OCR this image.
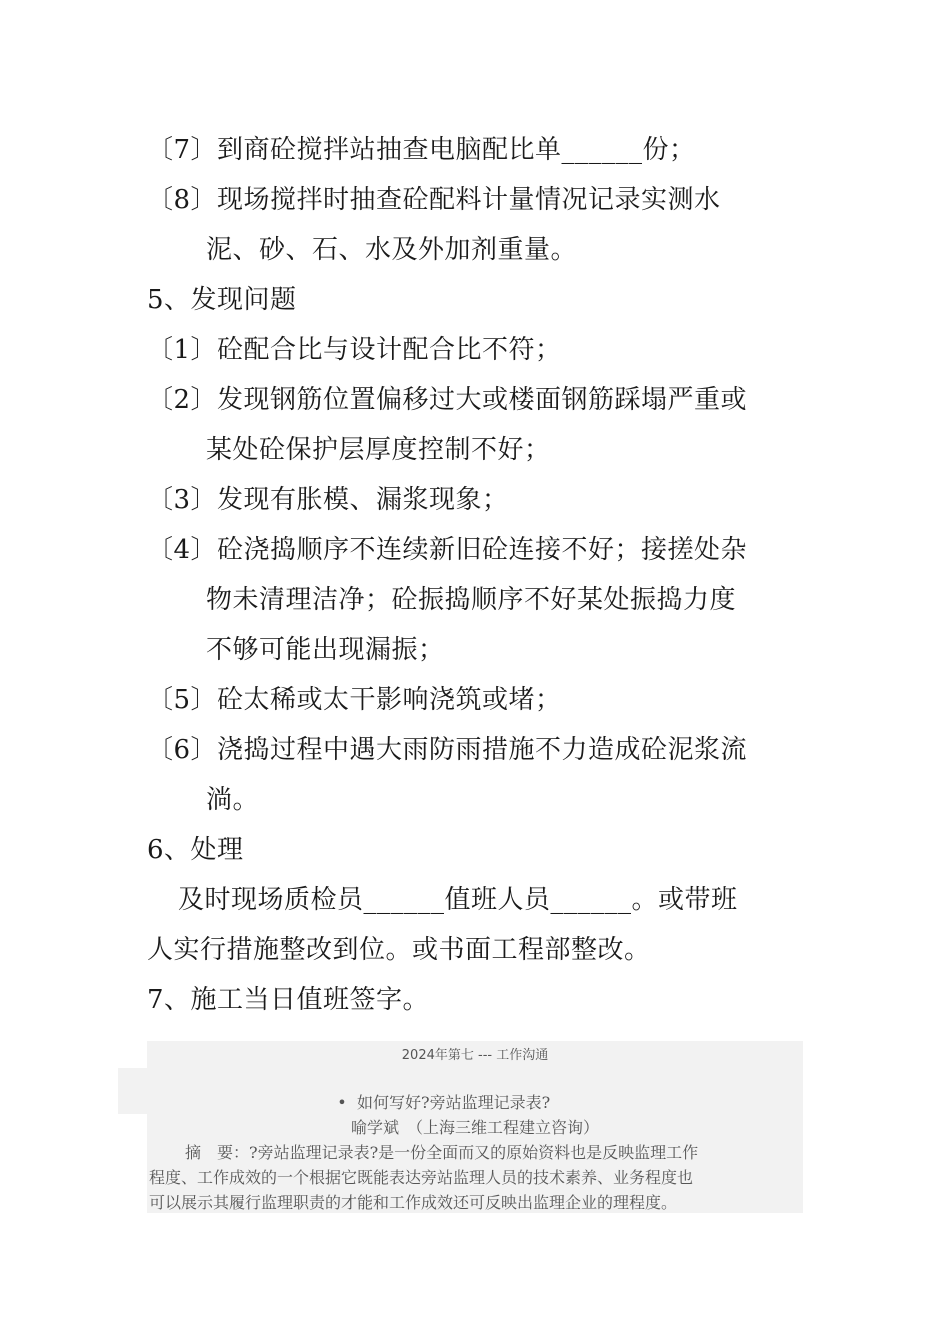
〔7〕到商砼搅拌站抽查电脑配比单______份；
〔8〕现场搅拌时抽查砼配料计量情况记录实测水
泥、砂、石、水及外加剂重量。
5、发现问题
〔1〕砼配合比与设计配合比不符；
〔2〕发现钢筋位置偏移过大或楼面钢筋踩塌严重或
某处砼保护层厚度控制不好；
〔3〕发现有胀模、漏浆现象；
〔4〕砼浇捣顺序不连续新旧砼连接不好；接搓处杂
物未清理洁净；砼振捣顺序不好某处振捣力度
不够可能出现漏振；
〔5〕砼太稀或太干影响浇筑或堵；
〔6〕浇捣过程中遇大雨防雨措施不力造成砼泥浆流
淌。
6、处理
及时现场质检员______值班人员______。或带班
人实行措施整改到位。或书面工程部整改。
7、施工当日值班签字。
2024年第七 --- 工作沟通
• 如何写好?旁站监理记录表?
喻学斌　（上海三维工程建立咨询）
摘　要：?旁站监理记录表?是一份全面而又的原始资料也是反映监理工作
程度、工作成效的一个根据它既能表达旁站监理人员的技术素养、业务程度也
可以展示其履行监理职责的才能和工作成效还可反映出监理企业的理程度。
